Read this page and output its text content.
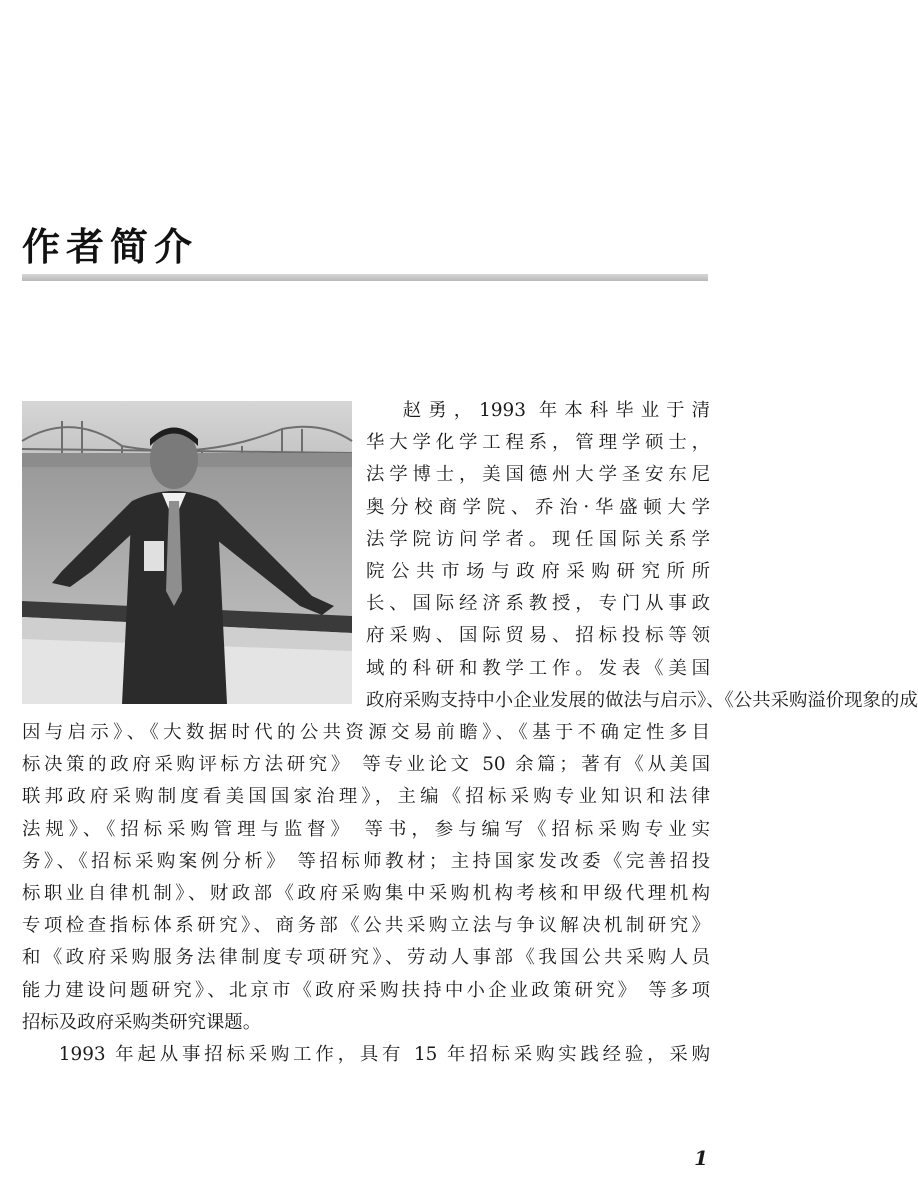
作者简介
赵勇，1993 年本科毕业于清
华大学化学工程系，管理学硕士，
法学博士，美国德州大学圣安东尼
奥分校商学院、乔治·华盛顿大学
法学院访问学者。现任国际关系学
院公共市场与政府采购研究所所
长、国际经济系教授，专门从事政
府采购、国际贸易、招标投标等领
域的科研和教学工作。发表《美国
政府采购支持中小企业发展的做法与启示》、《公共采购溢价现象的成
因与启示》、《大数据时代的公共资源交易前瞻》、《基于不确定性多目
标决策的政府采购评标方法研究》 等专业论文 50 余篇；著有《从美国
联邦政府采购制度看美国国家治理》，主编《招标采购专业知识和法律
法规》、《招标采购管理与监督》 等书，参与编写《招标采购专业实
务》、《招标采购案例分析》 等招标师教材；主持国家发改委《完善招投
标职业自律机制》、财政部《政府采购集中采购机构考核和甲级代理机构
专项检查指标体系研究》、商务部《公共采购立法与争议解决机制研究》
和《政府采购服务法律制度专项研究》、劳动人事部《我国公共采购人员
能力建设问题研究》、北京市《政府采购扶持中小企业政策研究》 等多项
招标及政府采购类研究课题。
1993 年起从事招标采购工作，具有 15 年招标采购实践经验，采购
1
